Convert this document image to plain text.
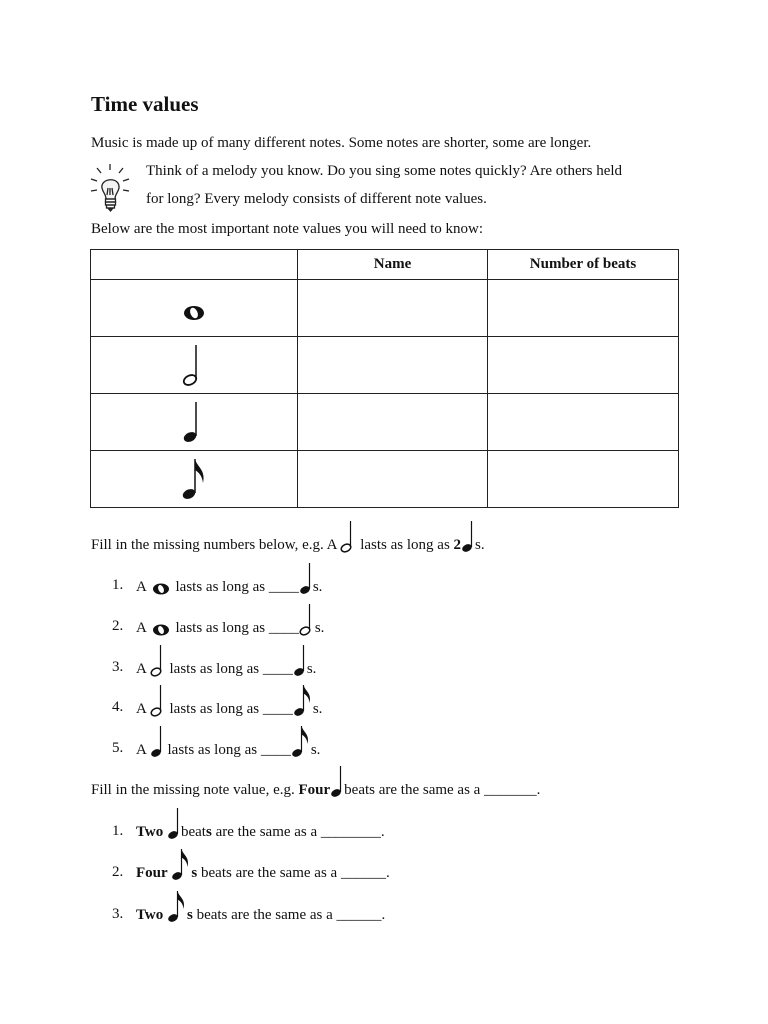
Time values
Music is made up of many different notes. Some notes are shorter, some are longer.
Think of a melody you know. Do you sing some notes quickly? Are others held
for long? Every melody consists of different note values.
Below are the most important note values you will need to know:
	Name	Number of beats

Fill in the missing numbers below, e.g. A lasts as long as 2 s.
1. A lasts as long as ____ s.
2. A lasts as long as ____ s.
3. A lasts as long as ____ s.
4. A lasts as long as ____ s.
5. A lasts as long as ____ s.
Fill in the missing note value, e.g. Four beats are the same as a _______.
1. Two beats are the same as a ________.
2. Four s beats are the same as a ______.
3. Two s beats are the same as a ______.
